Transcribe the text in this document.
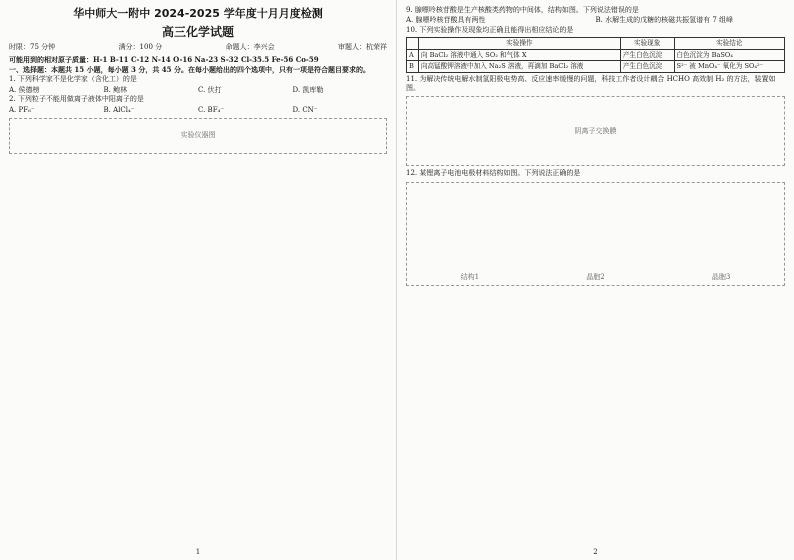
华中师大一附中 2024-2025 学年度十月月度检测
高三化学试题
时限：75 分钟	满分：100 分	命题人：李兴会	审题人：杭荣祥

可能用到的相对原子质量：H-1 B-11 C-12 N-14 O-16 Na-23 S-32 Cl-35.5 Fe-56 Co-59

一、选择题：本题共 15 小题，每小题 3 分，共 45 分。在每小题给出的四个选项中，只有一项是符合题目要求的。

1. 下列科学家不是化学家（含化工）的是

A. 侯德榜	B. 鲍林	C. 伏打	D. 凯库勒

2. 下列粒子不能用做离子液体中阳离子的是

A. PF₆⁻	B. AlCl₄⁻	C. BF₄⁻	D. CN⁻
实验仪器图
1

9. 腺嘌呤核苷酸是生产核酸类药物的中间体，结构如图。下列说法错误的是

A. 腺嘌呤核苷酸具有两性	B. 水解生成的戊糖的核磁共振氢谱有 7 组峰

10. 下列实验操作及现象均正确且能得出相应结论的是

	实验操作	实验现象	实验结论
A	向 BaCl₂ 溶液中通入 SO₂ 和气体 X	产生白色沉淀	白色沉淀为 BaSO₄
B	向高锰酸钾溶液中加入 Na₂S 溶液，再滴加 BaCl₂ 溶液	产生白色沉淀	S²⁻ 被 MnO₄⁻ 氧化为 SO₄²⁻

11. 为解决传统电解水制氢阳极电势高、反应速率缓慢的问题，科技工作者设计耦合 HCHO 高效制 H₂ 的方法，装置如图。

阴离子交换膜

12. 某锂离子电池电极材料结构如图。下列说法正确的是

结构1	晶胞2	晶胞3
2
